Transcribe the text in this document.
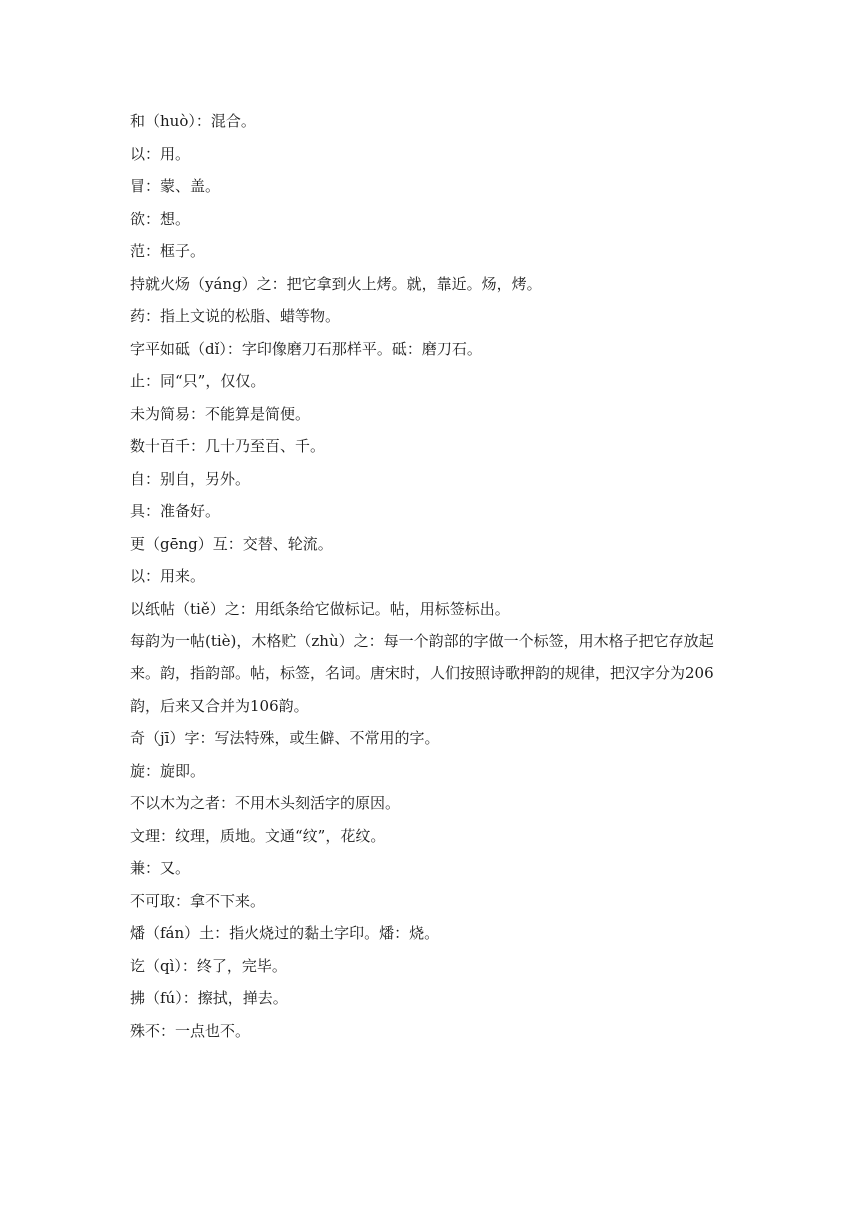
和（huò）：混合。
以：用。
冒：蒙、盖。
欲：想。
范：框子。
持就火炀（yáng）之：把它拿到火上烤。就，靠近。炀，烤。
药：指上文说的松脂、蜡等物。
字平如砥（dǐ）：字印像磨刀石那样平。砥：磨刀石。
止：同“只”，仅仅。
未为简易：不能算是简便。
数十百千：几十乃至百、千。
自：别自，另外。
具：准备好。
更（gēng）互：交替、轮流。
以：用来。
以纸帖（tiě）之：用纸条给它做标记。帖，用标签标出。
每韵为一帖(tiè)，木格贮（zhù）之：每一个韵部的字做一个标签，用木格子把它存放起来。韵，指韵部。帖，标签，名词。唐宋时，人们按照诗歌押韵的规律，把汉字分为206韵，后来又合并为106韵。
奇（jī）字：写法特殊，或生僻、不常用的字。
旋：旋即。
不以木为之者：不用木头刻活字的原因。
文理：纹理，质地。文通“纹”，花纹。
兼：又。
不可取：拿不下来。
燔（fán）土：指火烧过的黏土字印。燔：烧。
讫（qì）：终了，完毕。
拂（fú）：擦拭，掸去。
殊不：一点也不。
